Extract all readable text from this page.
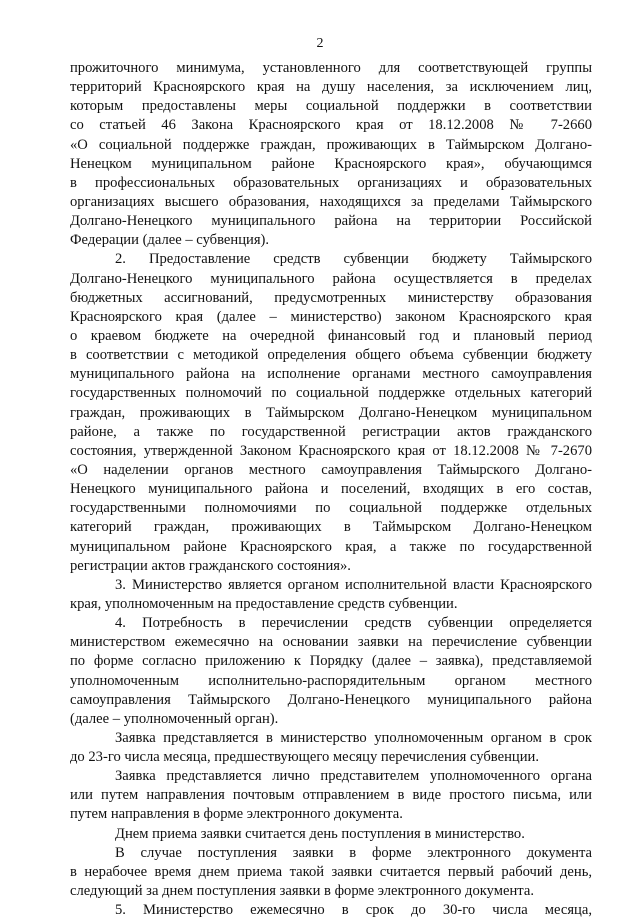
2
прожиточного минимума, установленного для соответствующей группы
территорий Красноярского края на душу населения, за исключением лиц,
которым предоставлены меры социальной поддержки в соответствии
со статьей 46 Закона Красноярского края от 18.12.2008 № 7-2660
«О социальной поддержке граждан, проживающих в Таймырском Долгано-
Ненецком муниципальном районе Красноярского края», обучающимся
в профессиональных образовательных организациях и образовательных
организациях высшего образования, находящихся за пределами Таймырского
Долгано-Ненецкого муниципального района на территории Российской
Федерации (далее – субвенция).
2. Предоставление средств субвенции бюджету Таймырского
Долгано-Ненецкого муниципального района осуществляется в пределах
бюджетных ассигнований, предусмотренных министерству образования
Красноярского края (далее – министерство) законом Красноярского края
о краевом бюджете на очередной финансовый год и плановый период
в соответствии с методикой определения общего объема субвенции бюджету
муниципального района на исполнение органами местного самоуправления
государственных полномочий по социальной поддержке отдельных категорий
граждан, проживающих в Таймырском Долгано-Ненецком муниципальном
районе, а также по государственной регистрации актов гражданского
состояния, утвержденной Законом Красноярского края от 18.12.2008 № 7-2670
«О наделении органов местного самоуправления Таймырского Долгано-
Ненецкого муниципального района и поселений, входящих в его состав,
государственными полномочиями по социальной поддержке отдельных
категорий граждан, проживающих в Таймырском Долгано-Ненецком
муниципальном районе Красноярского края, а также по государственной
регистрации актов гражданского состояния».
3. Министерство является органом исполнительной власти Красноярского
края, уполномоченным на предоставление средств субвенции.
4. Потребность в перечислении средств субвенции определяется
министерством ежемесячно на основании заявки на перечисление субвенции
по форме согласно приложению к Порядку (далее – заявка), представляемой
уполномоченным исполнительно-распорядительным органом местного
самоуправления Таймырского Долгано-Ненецкого муниципального района
(далее – уполномоченный орган).
Заявка представляется в министерство уполномоченным органом в срок
до 23-го числа месяца, предшествующего месяцу перечисления субвенции.
Заявка представляется лично представителем уполномоченного органа
или путем направления почтовым отправлением в виде простого письма, или
путем направления в форме электронного документа.
Днем приема заявки считается день поступления в министерство.
В случае поступления заявки в форме электронного документа
в нерабочее время днем приема такой заявки считается первый рабочий день,
следующий за днем поступления заявки в форме электронного документа.
5. Министерство ежемесячно в срок до 30-го числа месяца,
